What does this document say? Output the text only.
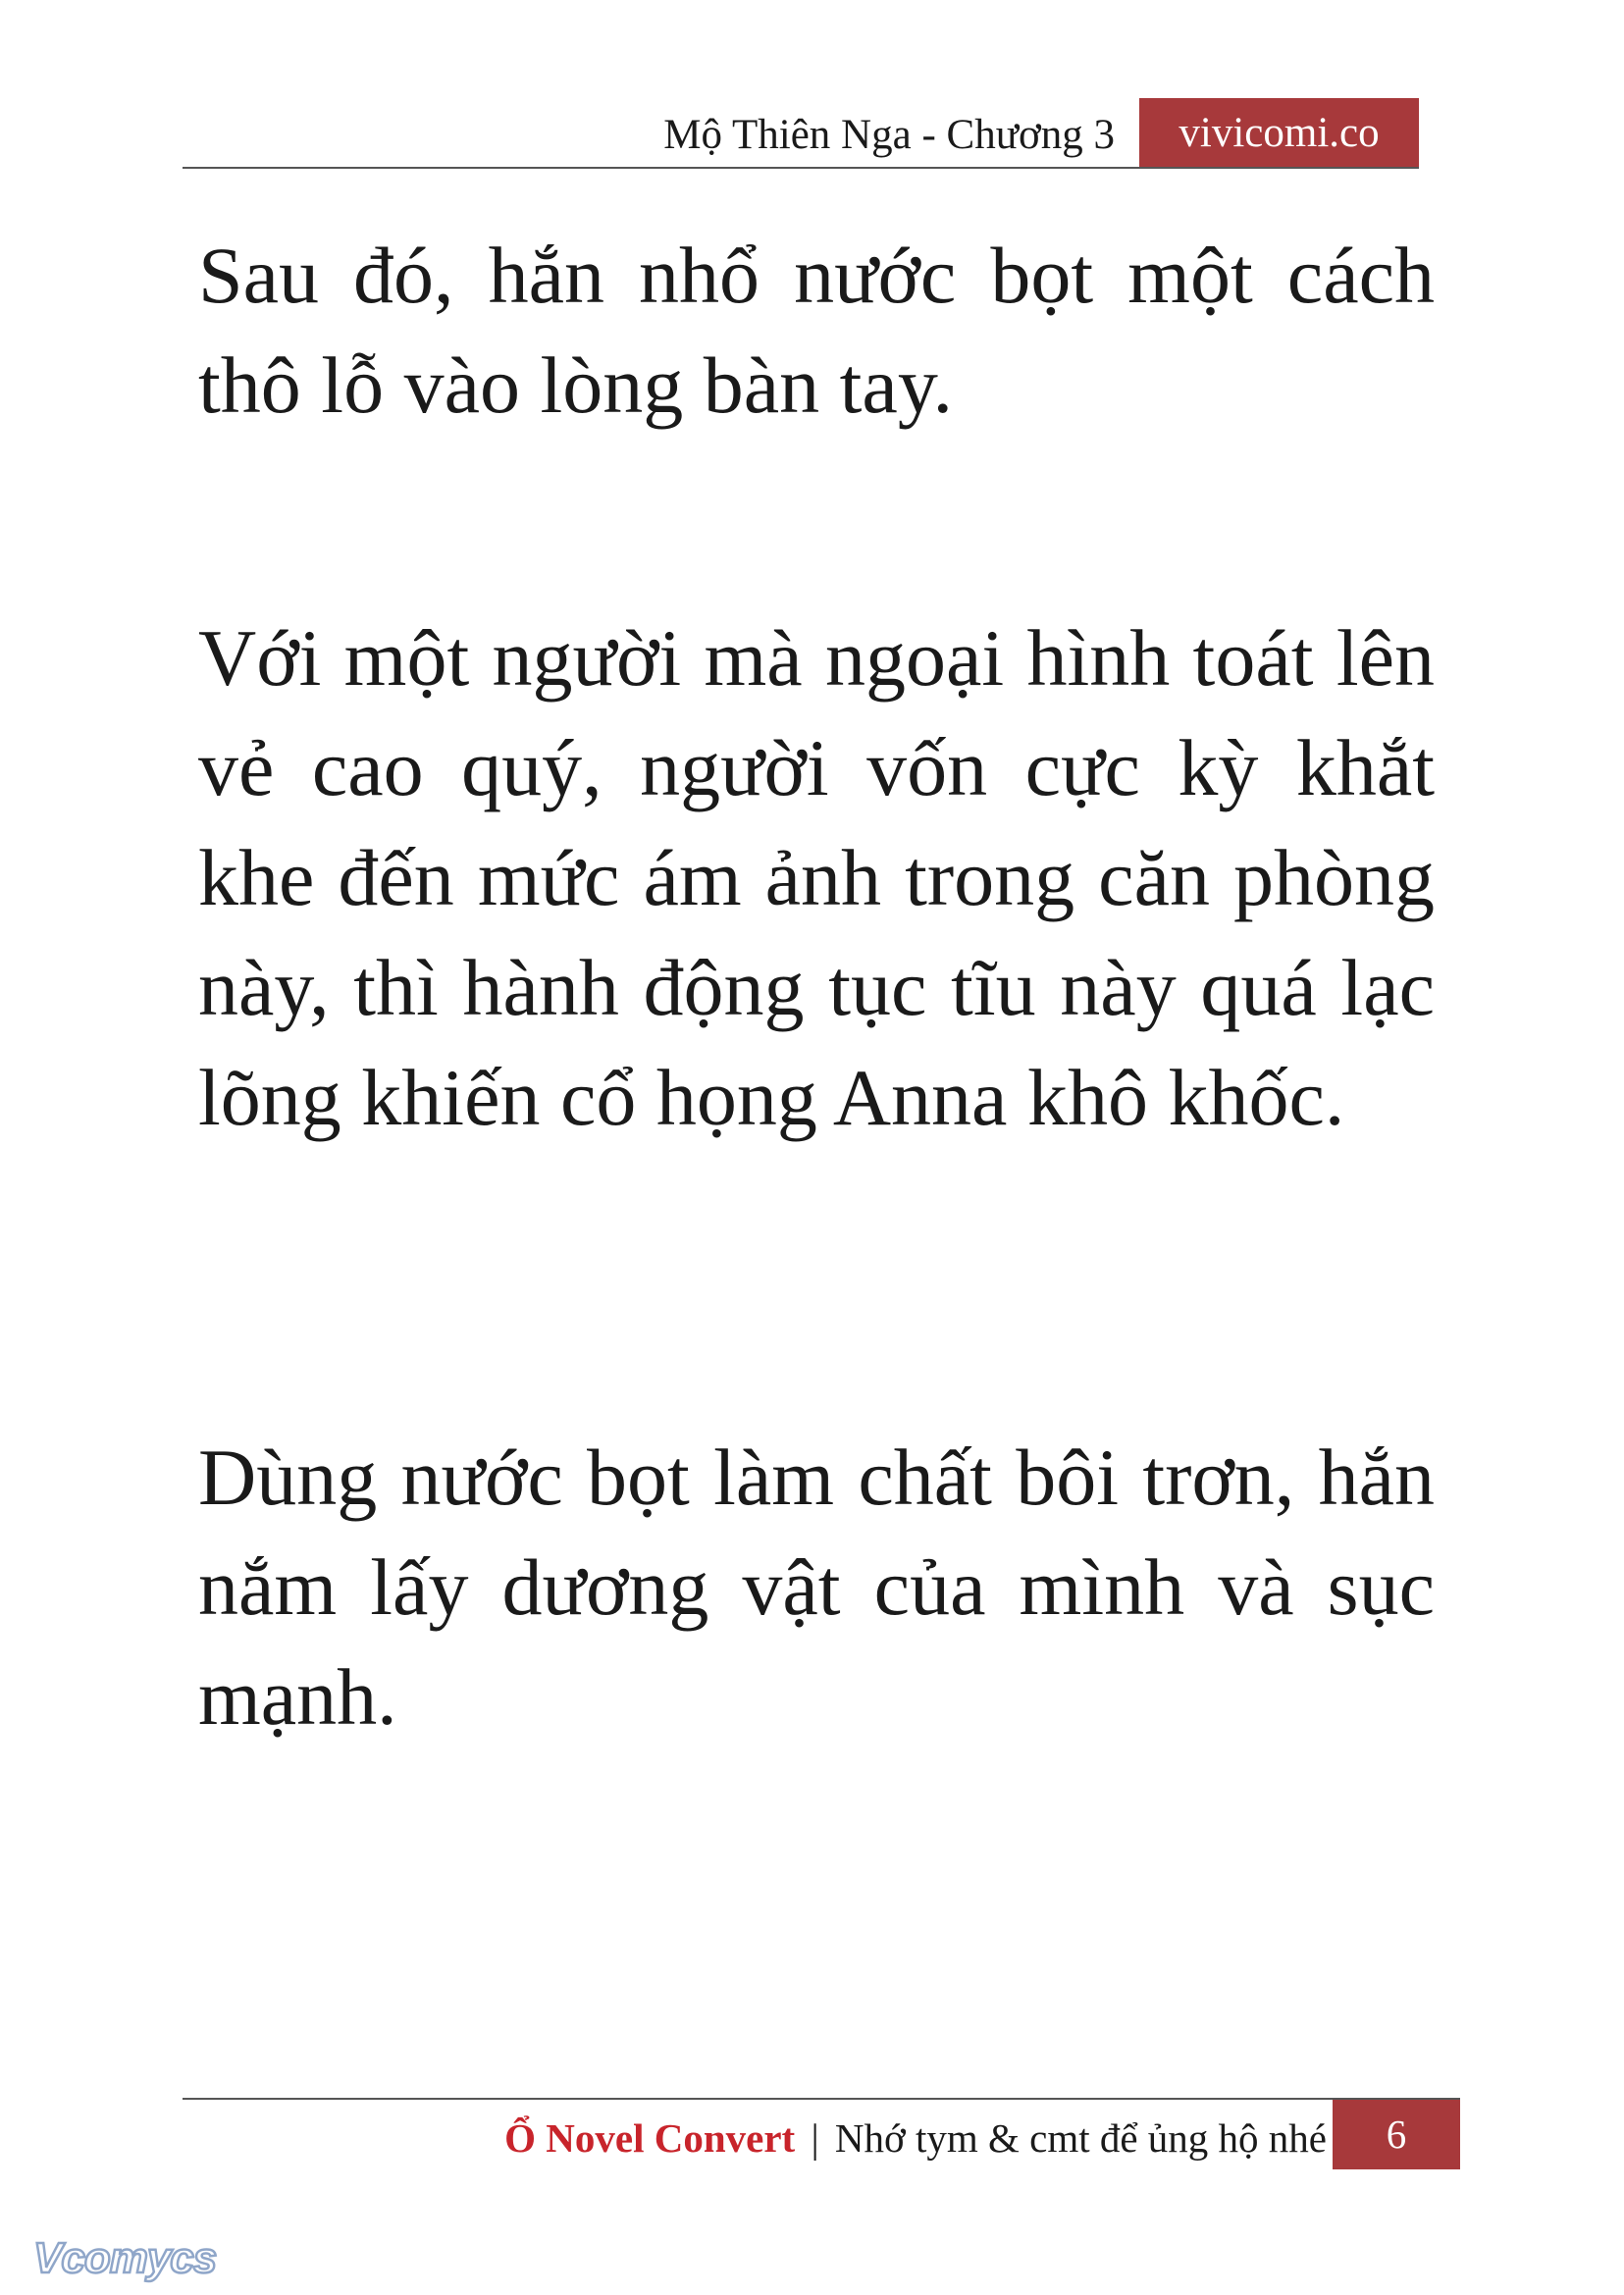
Mộ Thiên Nga - Chương 3	vivicomi.co

Sau đó, hắn nhổ nước bọt một cách thô lỗ vào lòng bàn tay.

Với một người mà ngoại hình toát lên vẻ cao quý, người vốn cực kỳ khắt khe đến mức ám ảnh trong căn phòng này, thì hành động tục tĩu này quá lạc lõng khiến cổ họng Anna khô khốc.

Dùng nước bọt làm chất bôi trơn, hắn nắm lấy dương vật của mình và sục mạnh.

Ổ Novel Convert | Nhớ tym & cmt để ủng hộ nhé	6
Vcomycs
